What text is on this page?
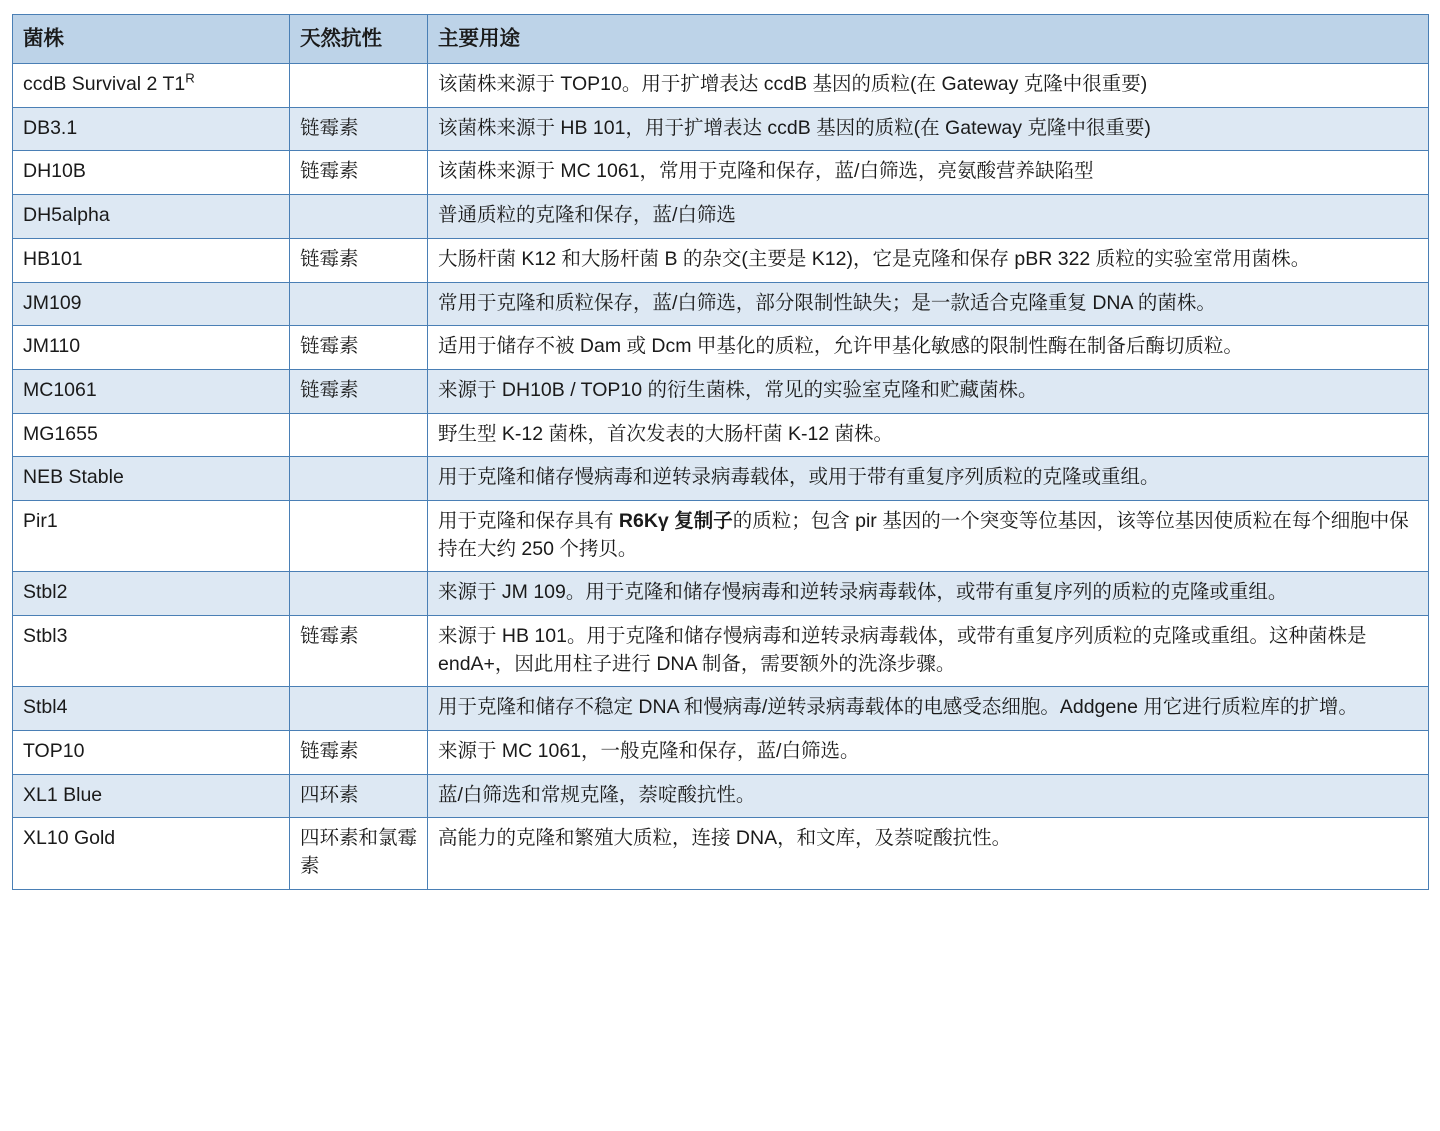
菌株	天然抗性	主要用途
ccdB Survival 2 $T1^R$		该菌株来源于 TOP10。用于扩增表达 ccdB 基因的质粒(在 Gateway 克隆中很重要)
DB3.1	链霉素	该菌株来源于 HB 101，用于扩增表达 ccdB 基因的质粒(在 Gateway 克隆中很重要)
DH10B	链霉素	该菌株来源于 MC 1061，常用于克隆和保存，蓝/白筛选，亮氨酸营养缺陷型
DH5alpha		普通质粒的克隆和保存，蓝/白筛选
HB101	链霉素	大肠杆菌 K12 和大肠杆菌 B 的杂交(主要是 K12)，它是克隆和保存 pBR 322 质粒的实验室常用菌株。
JM109		常用于克隆和质粒保存，蓝/白筛选，部分限制性缺失；是一款适合克隆重复 DNA 的菌株。
JM110	链霉素	适用于储存不被 Dam 或 Dcm 甲基化的质粒，允许甲基化敏感的限制性酶在制备后酶切质粒。
MC1061	链霉素	来源于 DH10B / TOP10 的衍生菌株，常见的实验室克隆和贮藏菌株。
MG1655		野生型 K-12 菌株，首次发表的大肠杆菌 K-12 菌株。
NEB Stable		用于克隆和储存慢病毒和逆转录病毒载体，或用于带有重复序列质粒的克隆或重组。
Pir1		用于克隆和保存具有 R6Kγ 复制子的质粒；包含 pir 基因的一个突变等位基因，该等位基因使质粒在每个细胞中保持在大约 250 个拷贝。
Stbl2		来源于 JM 109。用于克隆和储存慢病毒和逆转录病毒载体，或带有重复序列的质粒的克隆或重组。
Stbl3	链霉素	来源于 HB 101。用于克隆和储存慢病毒和逆转录病毒载体，或带有重复序列质粒的克隆或重组。这种菌株是 endA+，因此用柱子进行 DNA 制备，需要额外的洗涤步骤。
Stbl4		用于克隆和储存不稳定 DNA 和慢病毒/逆转录病毒载体的电感受态细胞。Addgene 用它进行质粒库的扩增。
TOP10	链霉素	来源于 MC 1061，一般克隆和保存，蓝/白筛选。
XL1 Blue	四环素	蓝/白筛选和常规克隆，萘啶酸抗性。
XL10 Gold	四环素和氯霉素	高能力的克隆和繁殖大质粒，连接 DNA，和文库，及萘啶酸抗性。
